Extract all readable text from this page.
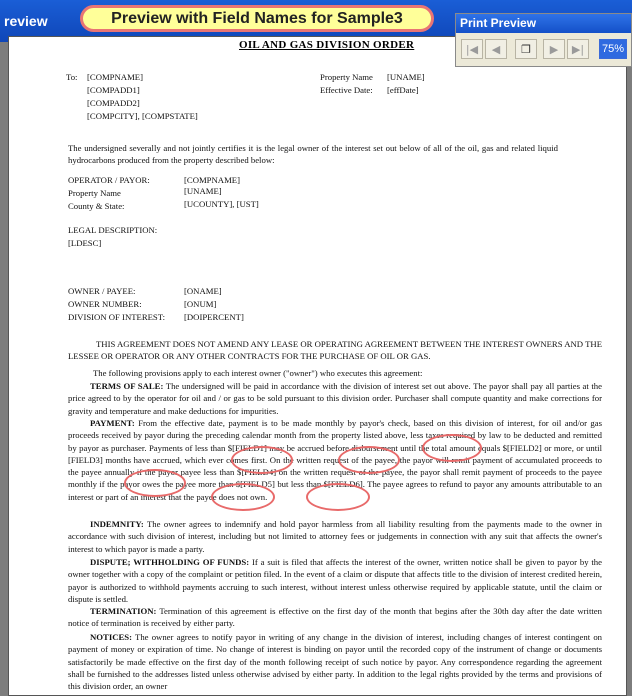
review
OIL AND GAS DIVISION ORDER
To: [COMPNAME]
[COMPADD1]
[COMPADD2]
[COMPCITY], [COMPSTATE]
Property Name [UNAME]
Effective Date: [effDate]
The undersigned severally and not jointly certifies it is the legal owner of the interest set out below of all of the oil, gas and related liquid hydrocarbons produced from the property described below:
OPERATOR / PAYOR:	[COMPNAME]
Property Name	[UNAME]
County & State:	[UCOUNTY], [UST]
LEGAL DESCRIPTION:
[LDESC]
OWNER / PAYEE:	[ONAME]
OWNER NUMBER:	[ONUM]
DIVISION OF INTEREST: [DOIPERCENT]
THIS AGREEMENT DOES NOT AMEND ANY LEASE OR OPERATING AGREEMENT BETWEEN THE INTEREST OWNERS AND THE LESSEE OR OPERATOR OR ANY OTHER CONTRACTS FOR THE PURCHASE OF OIL OR GAS.
The following provisions apply to each interest owner ("owner") who executes this agreement:
TERMS OF SALE: The undersigned will be paid in accordance with the division of interest set out above. The payor shall pay all parties at the price agreed to by the operator for oil and / or gas to be sold pursuant to this division order. Purchaser shall compute quantity and make corrections for gravity and temperature and make deductions for impurities.
PAYMENT: From the effective date, payment is to be made monthly by payor's check, based on this division of interest, for oil and/or gas proceeds received by payor during the preceding calendar month from the property listed above, less taxes required by law to be deducted and remitted by payor as purchaser. Payments of less than $[FIELD1] may be accrued before disbursement until the total amount equals $[FIELD2] or more, or until [FIELD3] months have accrued, which ever comes first. On the written request of the payee, the payor will remit payment of accumulated proceeds to the payee annually if the payor payee less than $[FIELD4] on the written request of the payee, the payor shall remit payment of proceeds to the payee monthly if the payor owes the payee more than $[FIELD5] but less than $[FIELD6]. The payee agrees to refund to payor any amounts attributable to an interest or part of an interest that the payee does not own.
INDEMNITY: The owner agrees to indemnify and hold payor harmless from all liability resulting from the payments made to the owner in accordance with such division of interest, including but not limited to attorney fees or judgements in connection with any suit that affects the owner's interest to which payor is made a party.
DISPUTE; WITHHOLDING OF FUNDS: If a suit is filed that affects the interest of the owner, written notice shall be given to payor by the owner together with a copy of the complaint or petition filed. In the event of a claim or dispute that affects title to the division of interest credited herein, payor is authorized to withhold payments accruing to such interest, without interest unless otherwise required by applicable statute, until the claim or dispute is settled.
TERMINATION: Termination of this agreement is effective on the first day of the month that begins after the 30th day after the date written notice of termination is received by either party.
NOTICES: The owner agrees to notify payor in writing of any change in the division of interest, including changes of interest contingent on payment of money or expiration of time. No change of interest is binding on payor until the recorded copy of the instrument of change or documents satisfactorily be made effective on the first day of the month following receipt of such notice by payor. Any correspondence regarding the agreement shall be furnished to the addresses listed unless otherwise advised by either party. In addition to the legal rights provided by the terms and provisions of this division order, an owner
Preview with Field Names for Sample3	Print Preview
|◀ ◀ ❐ ▶ ▶| 75%
